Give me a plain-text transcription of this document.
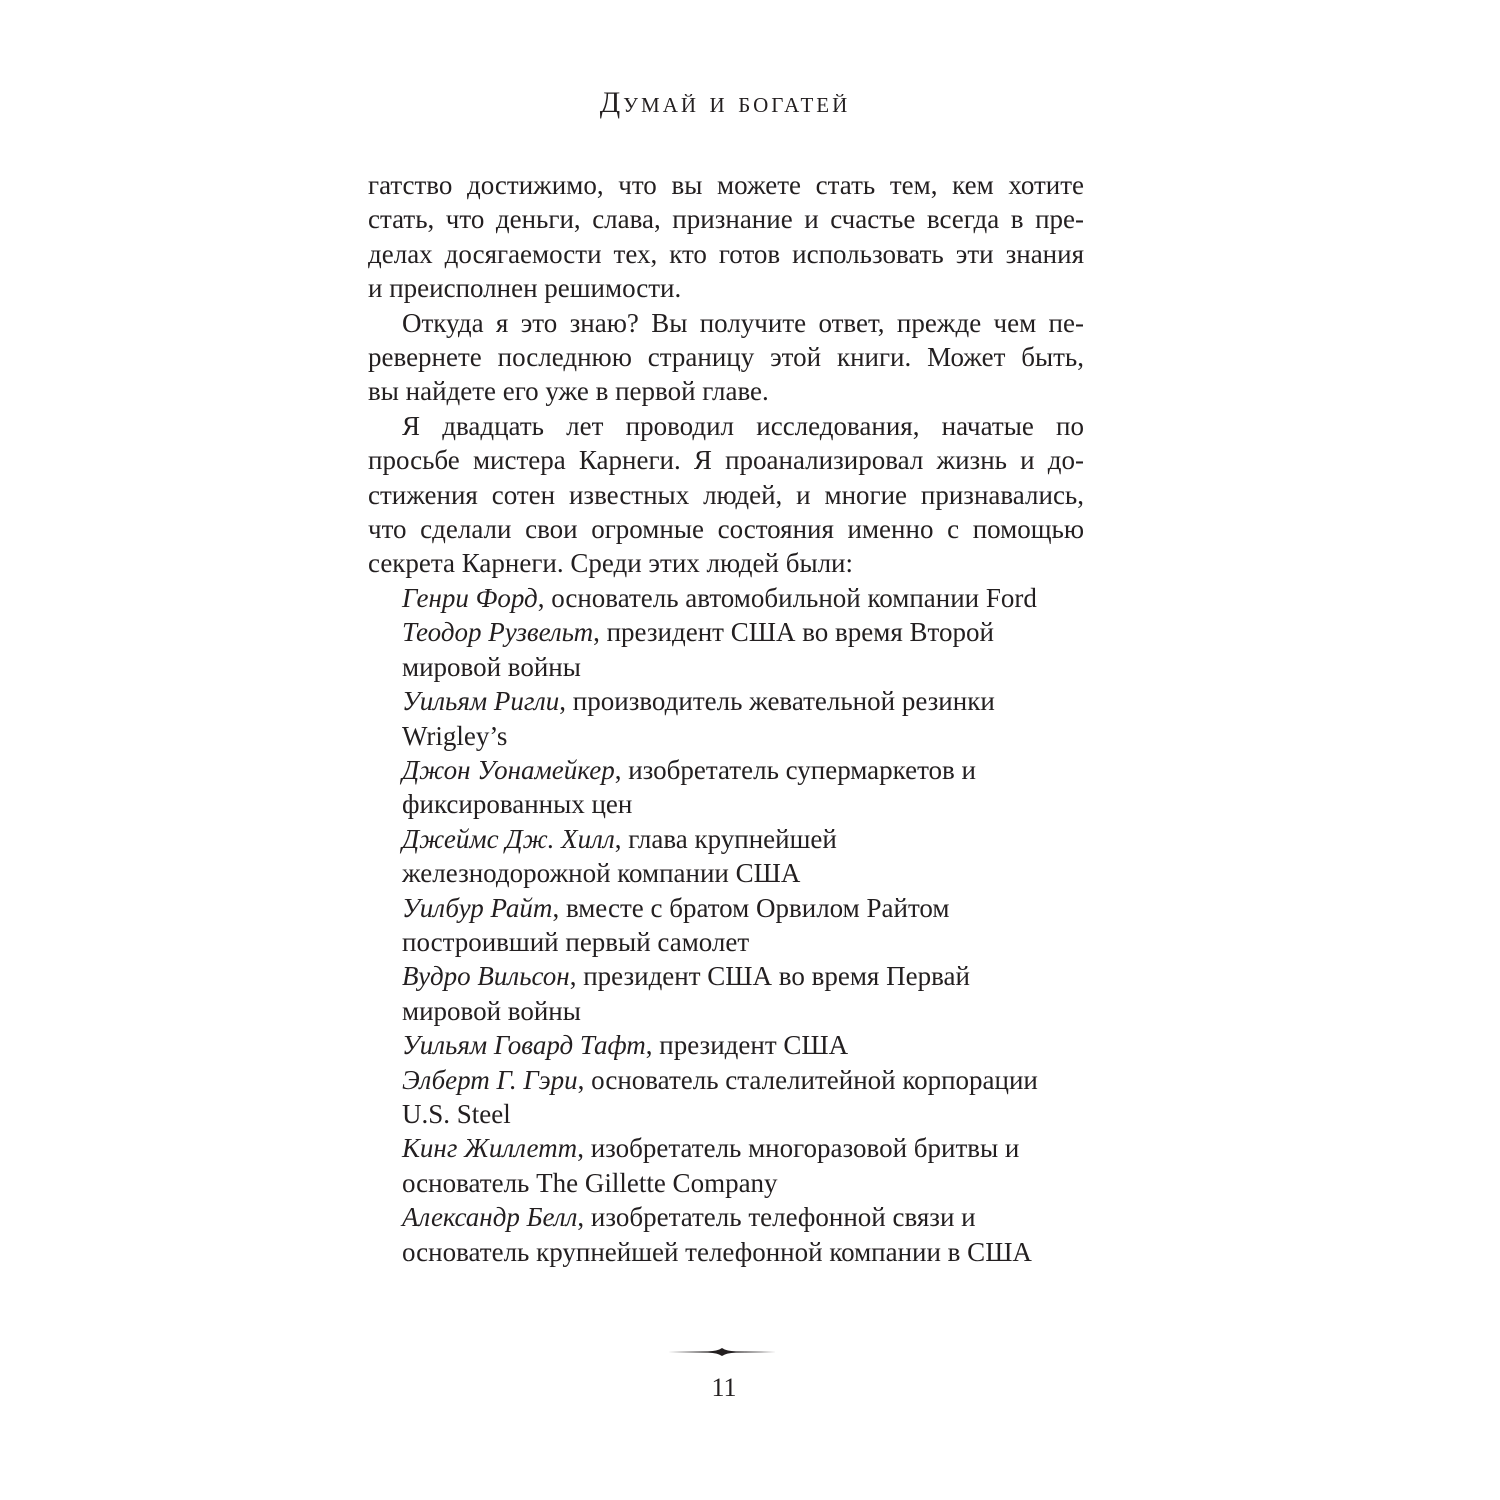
Думай и богатей
гатство достижимо, что вы можете стать тем, кем хотите
стать, что деньги, слава, признание и счастье всегда в пре-
делах досягаемости тех, кто готов использовать эти знания
и преисполнен решимости.
Откуда я это знаю? Вы получите ответ, прежде чем пе-
ревернете последнюю страницу этой книги. Может быть,
вы найдете его уже в первой главе.
Я двадцать лет проводил исследования, начатые по
просьбе мистера Карнеги. Я проанализировал жизнь и до-
стижения сотен известных людей, и многие признавались,
что сделали свои огромные состояния именно с помощью
секрета Карнеги. Среди этих людей были:
Генри Форд, основатель автомобильной компании Ford
Теодор Рузвельт, президент США во время Второй мировой войны
Уильям Ригли, производитель жевательной резинки Wrigley’s
Джон Уонамейкер, изобретатель супермаркетов и фиксированных цен
Джеймс Дж. Хилл, глава крупнейшей железнодорожной компании США
Уилбур Райт, вместе с братом Орвилом Райтом построивший первый самолет
Вудро Вильсон, президент США во время Первай мировой войны
Уильям Говард Тафт, президент США
Элберт Г. Гэри, основатель сталелитейной корпорации U.S. Steel
Кинг Жиллетт, изобретатель многоразовой бритвы и основатель The Gillette Company
Александр Белл, изобретатель телефонной связи и основатель крупнейшей телефонной компании в США
11
